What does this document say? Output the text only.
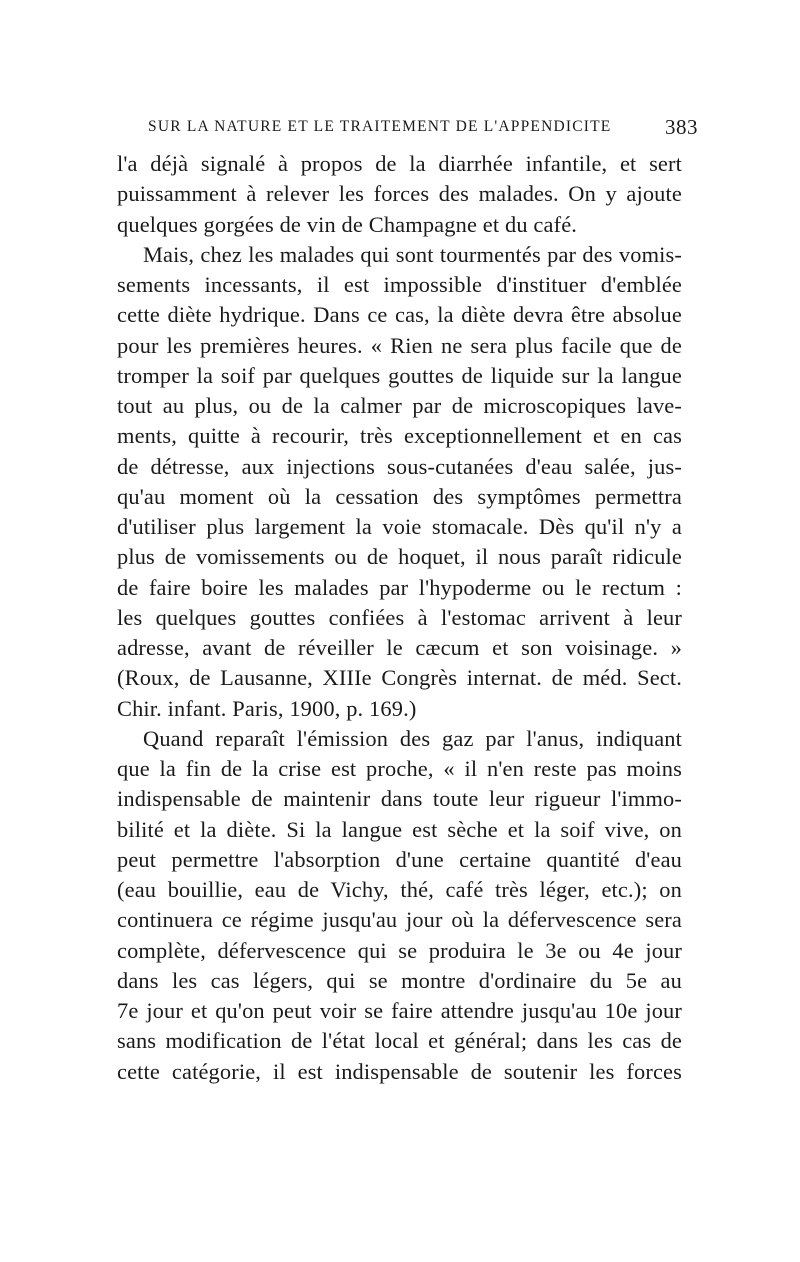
SUR LA NATURE ET LE TRAITEMENT DE L'APPENDICITE	383
l'a déjà signalé à propos de la diarrhée infantile, et sert
puissamment à relever les forces des malades. On y ajoute
quelques gorgées de vin de Champagne et du café.
Mais, chez les malades qui sont tourmentés par des vomis-
sements incessants, il est impossible d'instituer d'emblée
cette diète hydrique. Dans ce cas, la diète devra être absolue
pour les premières heures. « Rien ne sera plus facile que de
tromper la soif par quelques gouttes de liquide sur la langue
tout au plus, ou de la calmer par de microscopiques lave-
ments, quitte à recourir, très exceptionnellement et en cas
de détresse, aux injections sous-cutanées d'eau salée, jus-
qu'au moment où la cessation des symptômes permettra
d'utiliser plus largement la voie stomacale. Dès qu'il n'y a
plus de vomissements ou de hoquet, il nous paraît ridicule
de faire boire les malades par l'hypoderme ou le rectum :
les quelques gouttes confiées à l'estomac arrivent à leur
adresse, avant de réveiller le cæcum et son voisinage. »
(Roux, de Lausanne, XIIIe Congrès internat. de méd. Sect.
Chir. infant. Paris, 1900, p. 169.)
Quand reparaît l'émission des gaz par l'anus, indiquant
que la fin de la crise est proche, « il n'en reste pas moins
indispensable de maintenir dans toute leur rigueur l'immo-
bilité et la diète. Si la langue est sèche et la soif vive, on
peut permettre l'absorption d'une certaine quantité d'eau
(eau bouillie, eau de Vichy, thé, café très léger, etc.); on
continuera ce régime jusqu'au jour où la défervescence sera
complète, défervescence qui se produira le 3e ou 4e jour
dans les cas légers, qui se montre d'ordinaire du 5e au
7e jour et qu'on peut voir se faire attendre jusqu'au 10e jour
sans modification de l'état local et général; dans les cas de
cette catégorie, il est indispensable de soutenir les forces
